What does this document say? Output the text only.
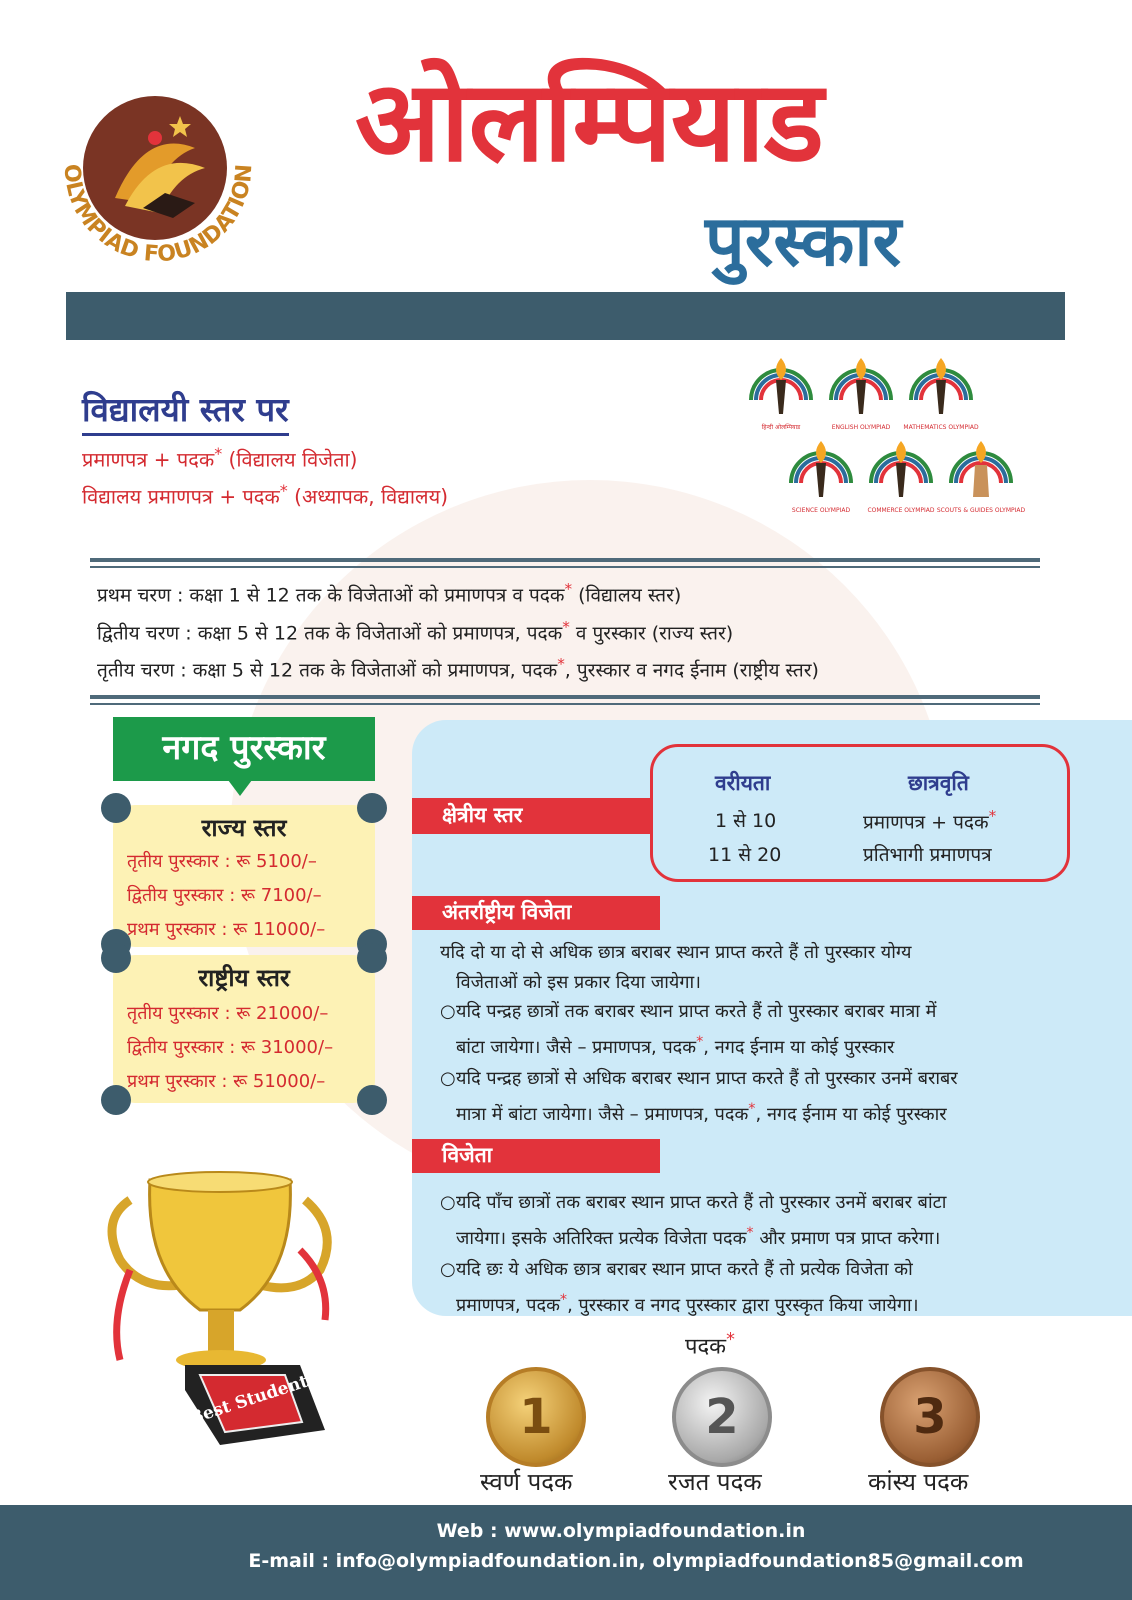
OLYMPIAD FOUNDATION ओलम्पियाड
पुरस्कार
विद्यालयी स्तर पर
प्रमाणपत्र + पदक* (विद्यालय विजेता)
विद्यालय प्रमाणपत्र + पदक* (अध्यापक, विद्यालय)
हिन्दी ओलम्पियाड	ENGLISH OLYMPIAD MATHEMATICS OLYMPIAD
SCIENCE OLYMPIAD	COMMERCE OLYMPIAD SCOUTS & GUIDES OLYMPIAD
प्रथम चरण : कक्षा 1 से 12 तक के विजेताओं को प्रमाणपत्र व पदक* (विद्यालय स्तर)
द्वितीय चरण : कक्षा 5 से 12 तक के विजेताओं को प्रमाणपत्र, पदक* व पुरस्कार (राज्य स्तर)
तृतीय चरण : कक्षा 5 से 12 तक के विजेताओं को प्रमाणपत्र, पदक*, पुरस्कार व नगद ईनाम (राष्ट्रीय स्तर)
नगद पुरस्कार
राज्य स्तर
तृतीय पुरस्कार : रू 5100/–
द्वितीय पुरस्कार : रू 7100/–
प्रथम पुरस्कार : रू 11000/–
राष्ट्रीय स्तर
तृतीय पुरस्कार : रू 21000/–
द्वितीय पुरस्कार : रू 31000/–
प्रथम पुरस्कार : रू 51000/–
क्षेत्रीय स्तर
वरीयता	छात्रवृति
1 से 10	प्रमाणपत्र + पदक*
11 से 20	प्रतिभागी प्रमाणपत्र
अंतर्राष्ट्रीय विजेता
यदि दो या दो से अधिक छात्र बराबर स्थान प्राप्त करते हैं तो पुरस्कार योग्य

विजेताओं को इस प्रकार दिया जायेगा।
○यदि पन्द्रह छात्रों तक बराबर स्थान प्राप्त करते हैं तो पुरस्कार बराबर मात्रा में

बांटा जायेगा। जैसे – प्रमाणपत्र, पदक*, नगद ईनाम या कोई पुरस्कार
○यदि पन्द्रह छात्रों से अधिक बराबर स्थान प्राप्त करते हैं तो पुरस्कार उनमें बराबर

मात्रा में बांटा जायेगा। जैसे – प्रमाणपत्र, पदक*, नगद ईनाम या कोई पुरस्कार
विजेता
○यदि पाँच छात्रों तक बराबर स्थान प्राप्त करते हैं तो पुरस्कार उनमें बराबर बांटा

जायेगा। इसके अतिरिक्त प्रत्येक विजेता पदक* और प्रमाण पत्र प्राप्त करेगा।
○यदि छः ये अधिक छात्र बराबर स्थान प्राप्त करते हैं तो प्रत्येक विजेता को

प्रमाणपत्र, पदक*, पुरस्कार व नगद पुरस्कार द्वारा पुरस्कृत किया जायेगा।
Best Student
पदक*
1	2	3
स्वर्ण पदक	रजत पदक	कांस्य पदक
Web : www.olympiadfoundation.in
E-mail : info@olympiadfoundation.in, olympiadfoundation85@gmail.com
